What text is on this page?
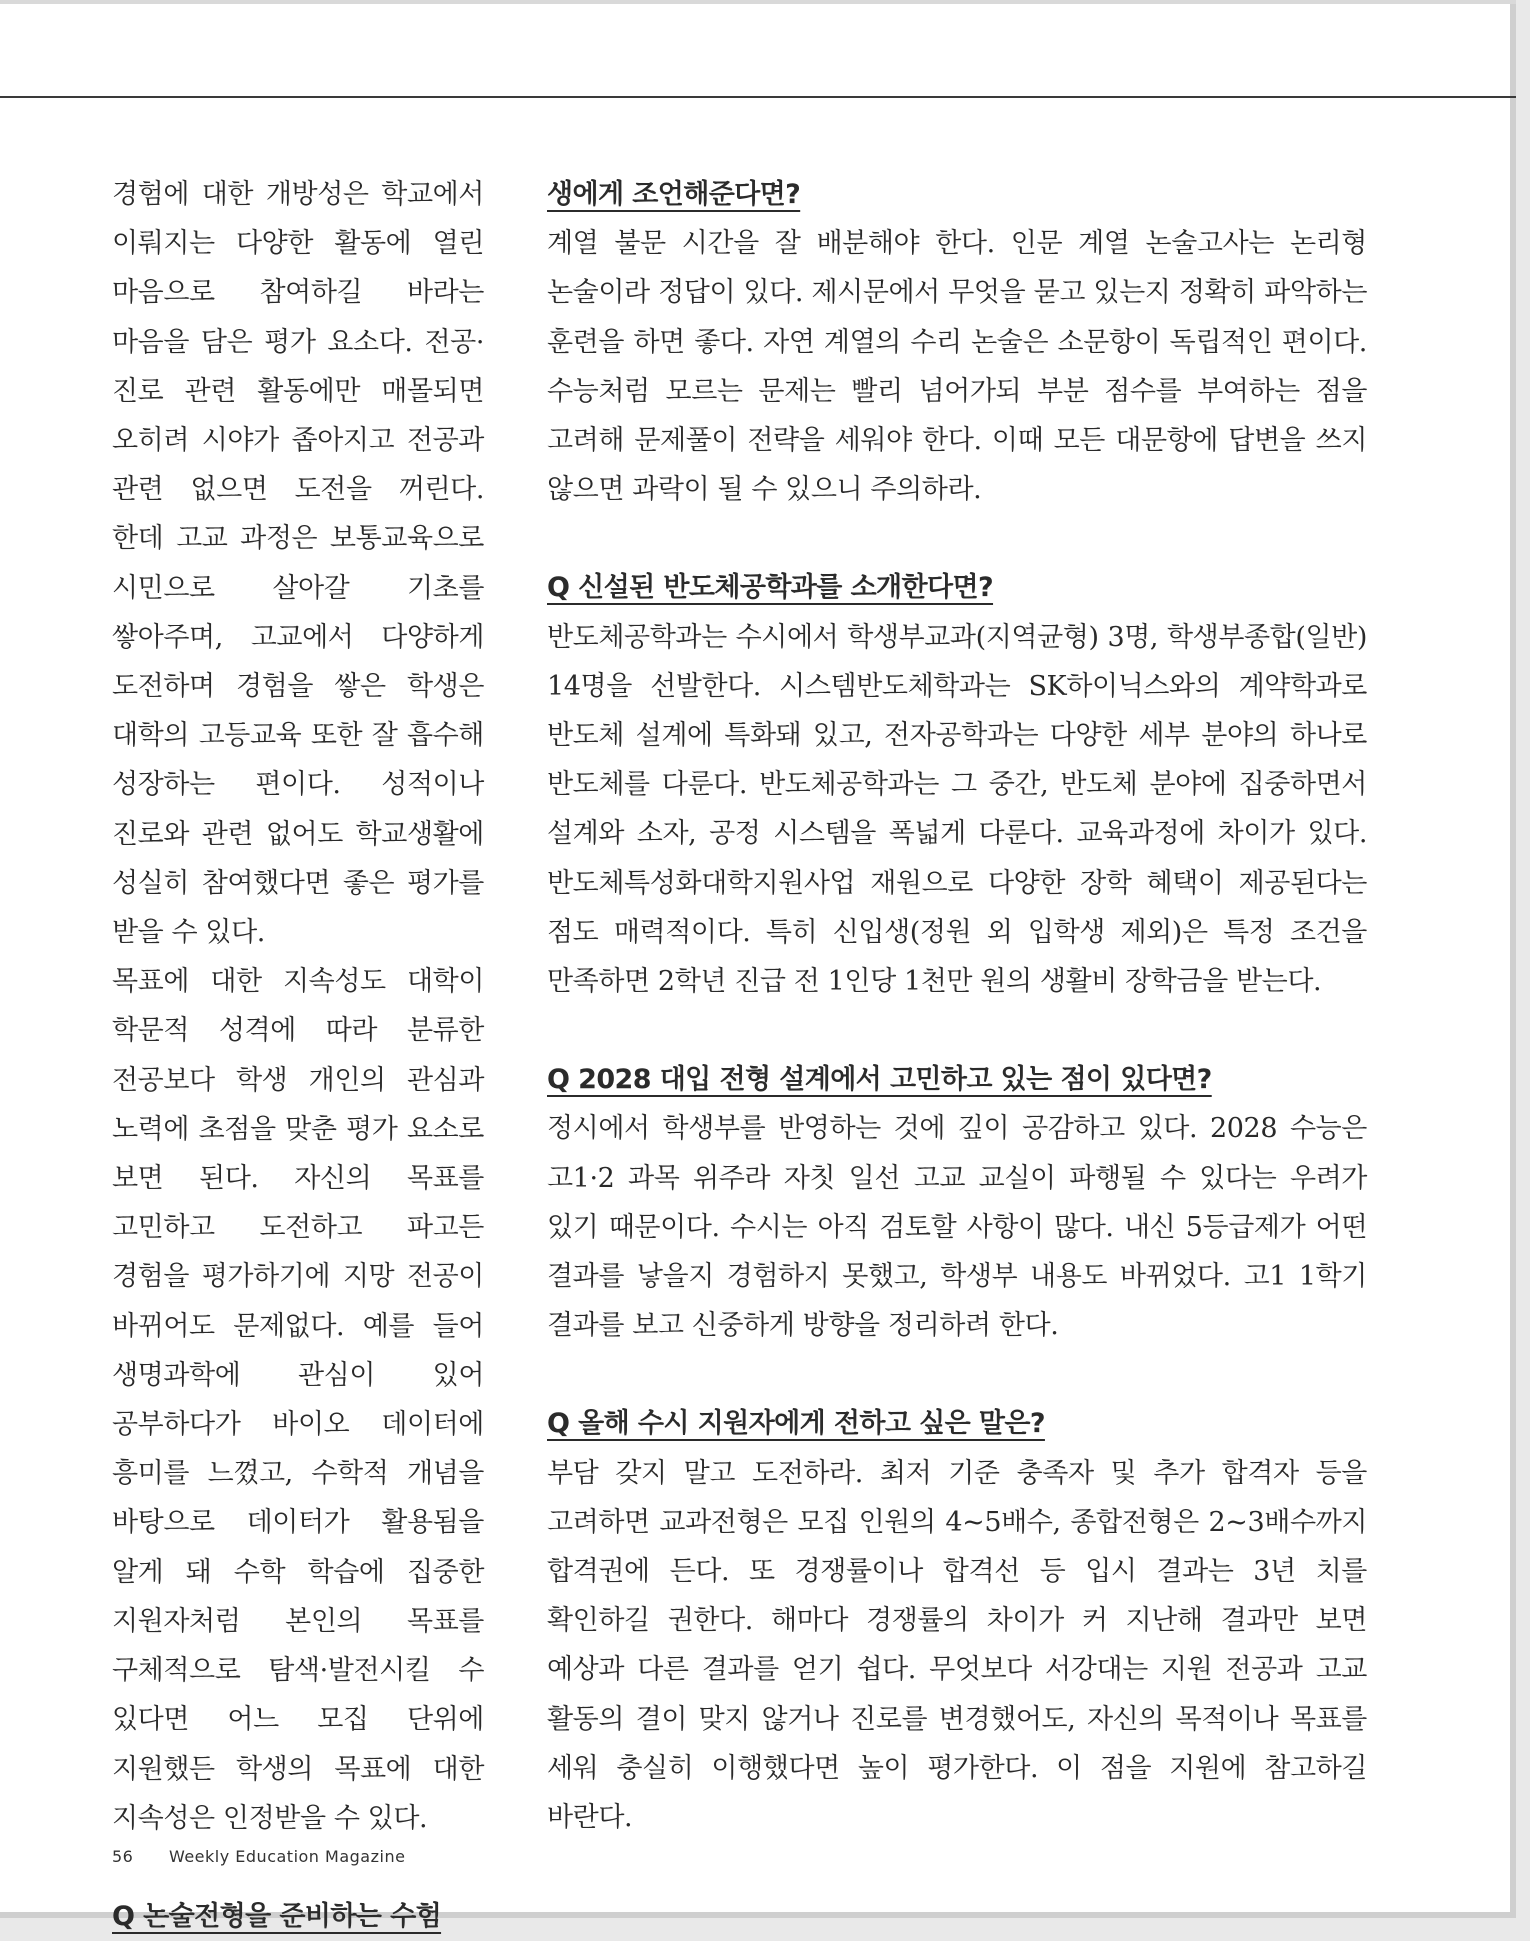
경험에 대한 개방성은 학교에서 이뤄지는 다양한 활동에 열린 마음으로 참여하길 바라는 마음을 담은 평가 요소다. 전공·진로 관련 활동에만 매몰되면 오히려 시야가 좁아지고 전공과 관련 없으면 도전을 꺼린다. 한데 고교 과정은 보통교육으로 시민으로 살아갈 기초를 쌓아주며, 고교에서 다양하게 도전하며 경험을 쌓은 학생은 대학의 고등교육 또한 잘 흡수해 성장하는 편이다. 성적이나 진로와 관련 없어도 학교생활에 성실히 참여했다면 좋은 평가를 받을 수 있다.

목표에 대한 지속성도 대학이 학문적 성격에 따라 분류한 전공보다 학생 개인의 관심과 노력에 초점을 맞춘 평가 요소로 보면 된다. 자신의 목표를 고민하고 도전하고 파고든 경험을 평가하기에 지망 전공이 바뀌어도 문제없다. 예를 들어 생명과학에 관심이 있어 공부하다가 바이오 데이터에 흥미를 느꼈고, 수학적 개념을 바탕으로 데이터가 활용됨을 알게 돼 수학 학습에 집중한 지원자처럼 본인의 목표를 구체적으로 탐색·발전시킬 수 있다면 어느 모집 단위에 지원했든 학생의 목표에 대한 지속성은 인정받을 수 있다.

Q 논술전형을 준비하는 수험

생에게 조언해준다면?

계열 불문 시간을 잘 배분해야 한다. 인문 계열 논술고사는 논리형 논술이라 정답이 있다. 제시문에서 무엇을 묻고 있는지 정확히 파악하는 훈련을 하면 좋다. 자연 계열의 수리 논술은 소문항이 독립적인 편이다. 수능처럼 모르는 문제는 빨리 넘어가되 부분 점수를 부여하는 점을 고려해 문제풀이 전략을 세워야 한다. 이때 모든 대문항에 답변을 쓰지 않으면 과락이 될 수 있으니 주의하라.

Q 신설된 반도체공학과를 소개한다면?

반도체공학과는 수시에서 학생부교과(지역균형) 3명, 학생부종합(일반) 14명을 선발한다. 시스템반도체학과는 SK하이닉스와의 계약학과로 반도체 설계에 특화돼 있고, 전자공학과는 다양한 세부 분야의 하나로 반도체를 다룬다. 반도체공학과는 그 중간, 반도체 분야에 집중하면서 설계와 소자, 공정 시스템을 폭넓게 다룬다. 교육과정에 차이가 있다. 반도체특성화대학지원사업 재원으로 다양한 장학 혜택이 제공된다는 점도 매력적이다. 특히 신입생(정원 외 입학생 제외)은 특정 조건을 만족하면 2학년 진급 전 1인당 1천만 원의 생활비 장학금을 받는다.

Q 2028 대입 전형 설계에서 고민하고 있는 점이 있다면?

정시에서 학생부를 반영하는 것에 깊이 공감하고 있다. 2028 수능은 고1·2 과목 위주라 자칫 일선 고교 교실이 파행될 수 있다는 우려가 있기 때문이다. 수시는 아직 검토할 사항이 많다. 내신 5등급제가 어떤 결과를 낳을지 경험하지 못했고, 학생부 내용도 바뀌었다. 고1 1학기 결과를 보고 신중하게 방향을 정리하려 한다.

Q 올해 수시 지원자에게 전하고 싶은 말은?

부담 갖지 말고 도전하라. 최저 기준 충족자 및 추가 합격자 등을 고려하면 교과전형은 모집 인원의 4~5배수, 종합전형은 2~3배수까지 합격권에 든다. 또 경쟁률이나 합격선 등 입시 결과는 3년 치를 확인하길 권한다. 해마다 경쟁률의 차이가 커 지난해 결과만 보면 예상과 다른 결과를 얻기 쉽다. 무엇보다 서강대는 지원 전공과 고교 활동의 결이 맞지 않거나 진로를 변경했어도, 자신의 목적이나 목표를 세워 충실히 이행했다면 높이 평가한다. 이 점을 지원에 참고하길 바란다.

56 Weekly Education Magazine
